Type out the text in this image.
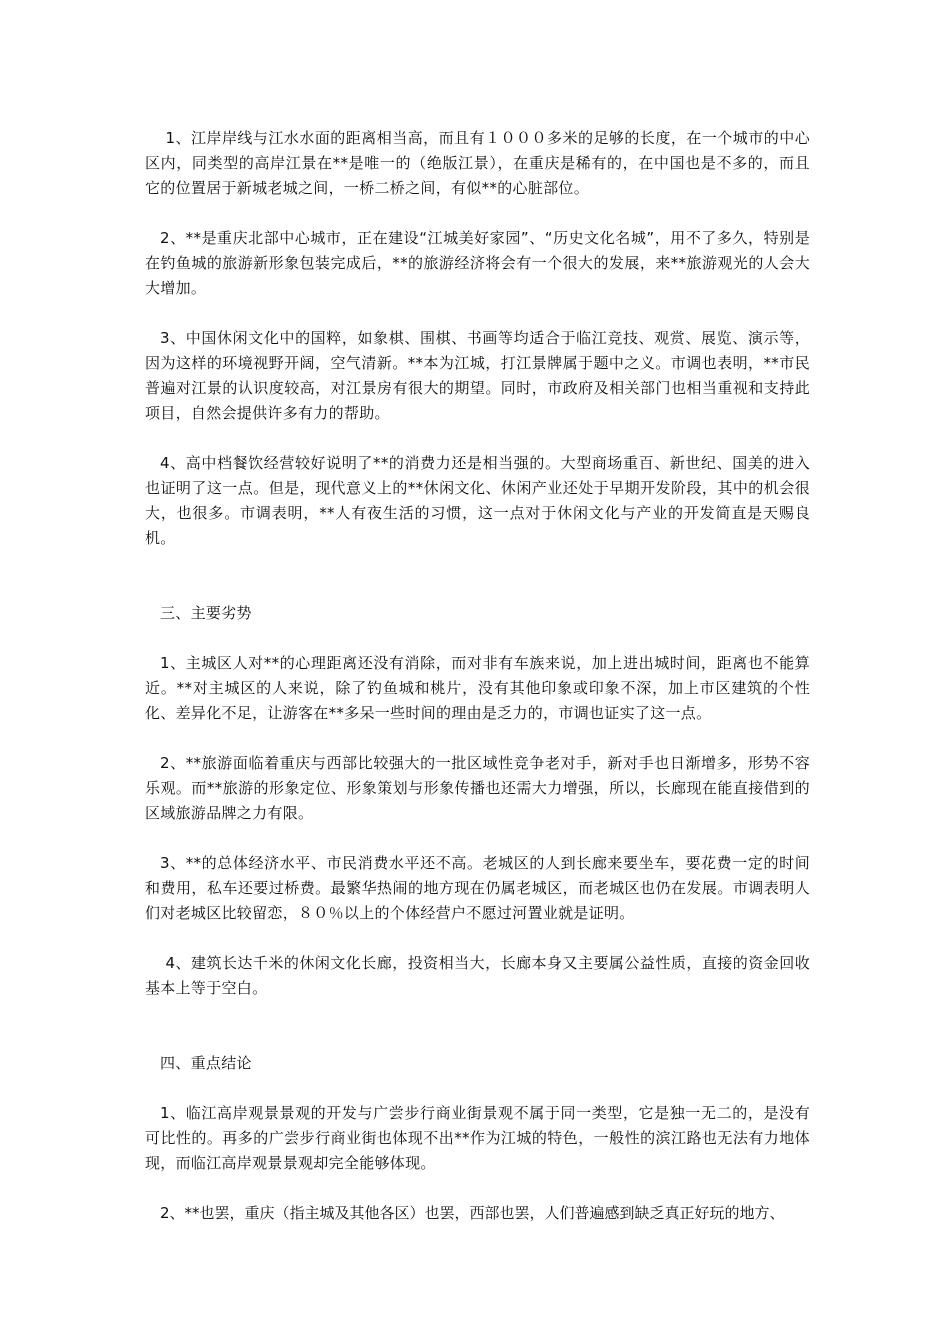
　1、江岸岸线与江水水面的距离相当高，而且有１０００多米的足够的长度，在一个城市的中心区内，同类型的高岸江景在**是唯一的（绝版江景），在重庆是稀有的，在中国也是不多的，而且它的位置居于新城老城之间，一桥二桥之间，有似**的心脏部位。

2、**是重庆北部中心城市，正在建设“江城美好家园”、“历史文化名城”，用不了多久，特别是在钓鱼城的旅游新形象包装完成后，**的旅游经济将会有一个很大的发展，来**旅游观光的人会大大增加。

3、中国休闲文化中的国粹，如象棋、围棋、书画等均适合于临江竞技、观赏、展览、演示等，因为这样的环境视野开阔，空气清新。**本为江城，打江景牌属于题中之义。市调也表明，**市民普遍对江景的认识度较高，对江景房有很大的期望。同时，市政府及相关部门也相当重视和支持此项目，自然会提供许多有力的帮助。

4、高中档餐饮经营较好说明了**的消费力还是相当强的。大型商场重百、新世纪、国美的进入也证明了这一点。但是，现代意义上的**休闲文化、休闲产业还处于早期开发阶段，其中的机会很大，也很多。市调表明，**人有夜生活的习惯，这一点对于休闲文化与产业的开发简直是天赐良机。

三、主要劣势

1、主城区人对**的心理距离还没有消除，而对非有车族来说，加上进出城时间，距离也不能算近。**对主城区的人来说，除了钓鱼城和桃片，没有其他印象或印象不深，加上市区建筑的个性化、差异化不足，让游客在**多呆一些时间的理由是乏力的，市调也证实了这一点。

2、**旅游面临着重庆与西部比较强大的一批区域性竞争老对手，新对手也日渐增多，形势不容乐观。而**旅游的形象定位、形象策划与形象传播也还需大力增强，所以，长廊现在能直接借到的区域旅游品牌之力有限。

3、**的总体经济水平、市民消费水平还不高。老城区的人到长廊来要坐车，要花费一定的时间和费用，私车还要过桥费。最繁华热闹的地方现在仍属老城区，而老城区也仍在发展。市调表明人们对老城区比较留恋，８０％以上的个体经营户不愿过河置业就是证明。

　4、建筑长达千米的休闲文化长廊，投资相当大，长廊本身又主要属公益性质，直接的资金回收基本上等于空白。

四、重点结论

1、临江高岸观景景观的开发与广尝步行商业街景观不属于同一类型，它是独一无二的，是没有可比性的。再多的广尝步行商业街也体现不出**作为江城的特色，一般性的滨江路也无法有力地体现，而临江高岸观景景观却完全能够体现。

2、**也罢，重庆（指主城及其他各区）也罢，西部也罢，人们普遍感到缺乏真正好玩的地方、
